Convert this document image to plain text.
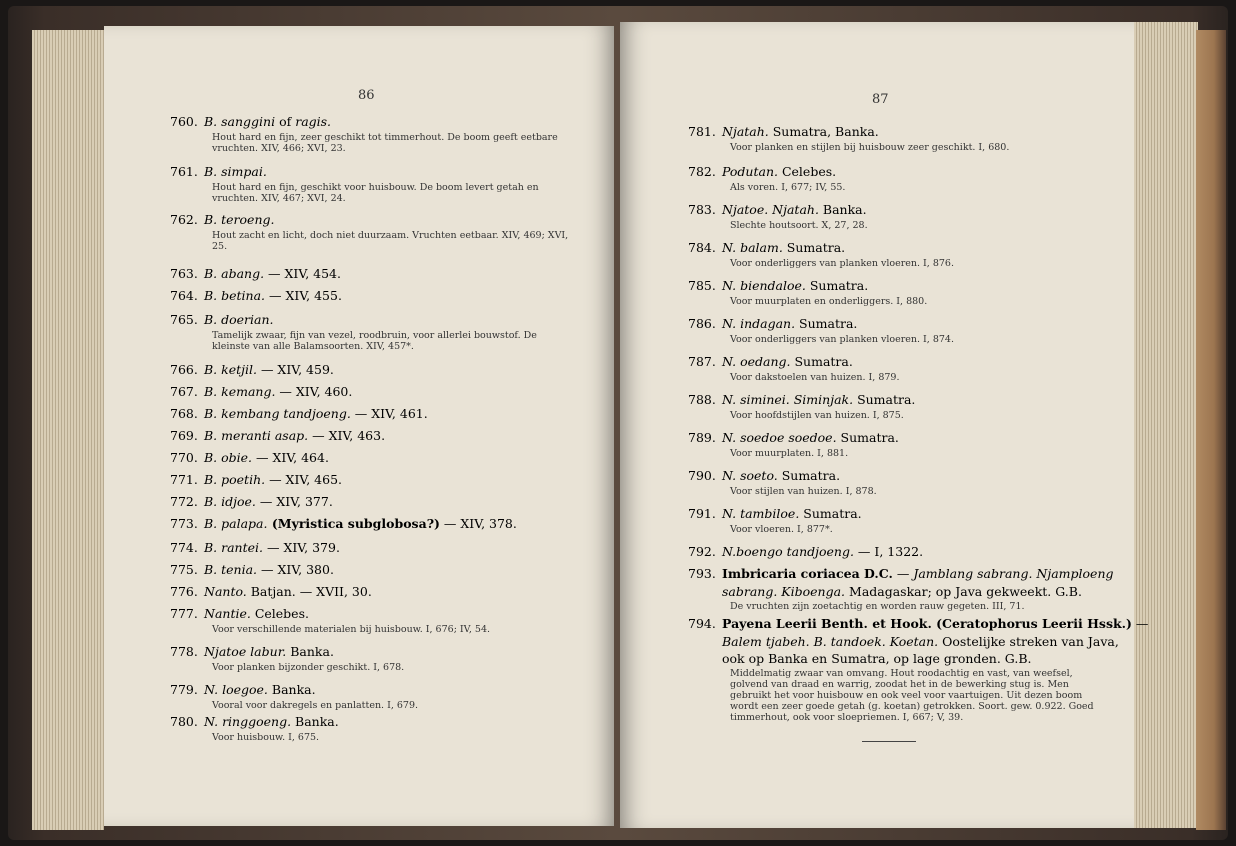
86	87
760. B. sanggini of ragis.
Hout hard en fijn, zeer geschikt tot timmerhout. De boom geeft eetbare vruchten. XIV, 466; XVI, 23.
761. B. simpai.
Hout hard en fijn, geschikt voor huisbouw. De boom levert getah en vruchten. XIV, 467; XVI, 24.
762. B. teroeng.
Hout zacht en licht, doch niet duurzaam. Vruchten eetbaar. XIV, 469; XVI, 25.
763. B. abang. — XIV, 454.
764. B. betina. — XIV, 455.
765. B. doerian.
Tamelijk zwaar, fijn van vezel, roodbruin, voor allerlei bouwstof. De kleinste van alle Balamsoorten. XIV, 457*.
766. B. ketjil. — XIV, 459.
767. B. kemang. — XIV, 460.
768. B. kembang tandjoeng. — XIV, 461.
769. B. meranti asap. — XIV, 463.
770. B. obie. — XIV, 464.
771. B. poetih. — XIV, 465.
772. B. idjoe. — XIV, 377.
773. B. palapa. (Myristica subglobosa?) — XIV, 378.
774. B. rantei. — XIV, 379.
775. B. tenia. — XIV, 380.
776. Nanto. Batjan. — XVII, 30.
777. Nantie. Celebes.
Voor verschillende materialen bij huisbouw. I, 676; IV, 54.
778. Njatoe labur. Banka.
Voor planken bijzonder geschikt. I, 678.
779. N. loegoe. Banka.
Vooral voor dakregels en panlatten. I, 679.
780. N. ringgoeng. Banka.
Voor huisbouw. I, 675.
781. Njatah. Sumatra, Banka.
Voor planken en stijlen bij huisbouw zeer geschikt. I, 680.
782. Podutan. Celebes.
Als voren. I, 677; IV, 55.
783. Njatoe. Njatah. Banka.
Slechte houtsoort. X, 27, 28.
784. N. balam. Sumatra.
Voor onderliggers van planken vloeren. I, 876.
785. N. biendaloe. Sumatra.
Voor muurplaten en onderliggers. I, 880.
786. N. indagan. Sumatra.
Voor onderliggers van planken vloeren. I, 874.
787. N. oedang. Sumatra.
Voor dakstoelen van huizen. I, 879.
788. N. siminei. Siminjak. Sumatra.
Voor hoofdstijlen van huizen. I, 875.
789. N. soedoe soedoe. Sumatra.
Voor muurplaten. I, 881.
790. N. soeto. Sumatra.
Voor stijlen van huizen. I, 878.
791. N. tambiloe. Sumatra.
Voor vloeren. I, 877*.
792. N.boengo tandjoeng. — I, 1322.
793. Imbricaria coriacea D.C. — Jamblang sabrang. Njamploeng
sabrang. Kiboenga. Madagaskar; op Java gekweekt. G.B.
De vruchten zijn zoetachtig en worden rauw gegeten. III, 71.
794. Payena Leerii Benth. et Hook. (Ceratophorus Leerii Hssk.) —
Balem tjabeh. B. tandoek. Koetan. Oostelijke streken van Java,
ook op Banka en Sumatra, op lage gronden. G.B.
Middelmatig zwaar van omvang. Hout roodachtig en vast, van weefsel, golvend van draad en warrig, zoodat het in de bewerking stug is. Men gebruikt het voor huisbouw en ook veel voor vaartuigen. Uit dezen boom wordt een zeer goede getah (g. koetan) getrokken. Soort. gew. 0.922. Goed timmerhout, ook voor sloepriemen. I, 667; V, 39.
